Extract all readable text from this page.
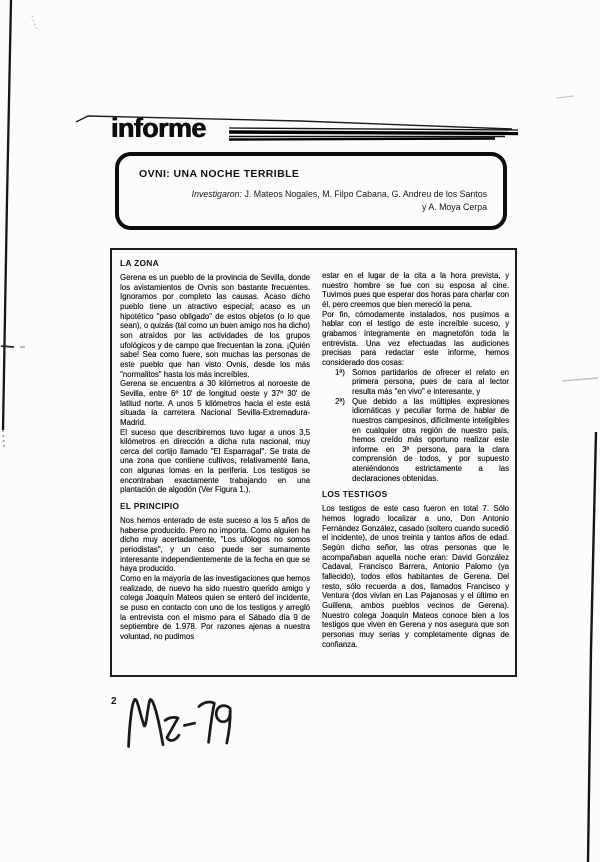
informe
OVNI: UNA NOCHE TERRIBLE
Investigaron: J. Mateos Nogales, M. Filpo Cabana, G. Andreu de los Santos
y A. Moya Cerpa
LA ZONA

Gerena es un pueblo de la provincia de Sevilla, donde los avistamientos de Ovnis son bastante frecuentes. Ignoramos por completo las causas. Acaso dicho pueblo tiene un atractivo especial; acaso es un hipotético "paso obligado" de estos objetos (o lo que sean), o quizás (tal como un buen amigo nos ha dicho) son atraídos por las actividades de los grupos ufológicos y de campo que frecuentan la zona. ¡Quién sabe! Sea como fuere, son muchas las personas de este pueblo que han visto Ovnis, desde los más "normalitos" hasta los más increíbles.

Gerena se encuentra a 30 kilómetros al noroeste de Sevilla, entre 6º 10' de longitud oeste y 37º 30' de latitud norte. A unos 5 kilómetros hacia el este está situada la carretera Nacional Sevilla-Extremadura-Madrid.

El suceso que describiremos tuvo lugar a unos 3,5 kilómetros en dirección a dicha ruta nacional, muy cerca del cortijo llamado "El Esparragal". Se trata de una zona que contiene cultivos, relativamente llana, con algunas lomas en la periferia. Los testigos se encontraban exactamente trabajando en una plantación de algodón (Ver Figura 1.).

EL PRINCIPIO

Nos hemos enterado de este suceso a los 5 años de haberse producido. Pero no importa. Como alguien ha dicho muy acertadamente, "Los ufólogos no somos periodistas", y un caso puede ser sumamente interesante independientemente de la fecha en que se haya producido.

Como en la mayoría de las investigaciones que hemos realizado, de nuevo ha sido nuestro querido amigo y colega Joaquín Mateos quien se enteró del incidente, se puso en contacto con uno de los testigos y arregló la entrevista con el mismo para el Sábado día 9 de septiembre de 1.978. Por razones ajenas a nuestra voluntad, no pudimos

estar en el lugar de la cita a la hora prevista, y nuestro hombre se fue con su esposa al cine. Tuvimos pues que esperar dos horas para charlar con él, pero creemos que bien mereció la pena.

Por fin, cómodamente instalados, nos pusimos a hablar con el testigo de este increíble suceso, y grabamos íntegramente en magnetofón toda la entrevista. Una vez efectuadas las audiciones precisas para redactar este informe, hemos considerado dos cosas:

1ª) Somos partidarios de ofrecer el relato en primera persona, pues de cara al lector resulta más "en vivo" e interesante, y

2ª) Que debido a las múltiples expresiones idiomáticas y peculiar forma de hablar de nuestros campesinos, difícilmente inteligibles en cualquier otra región de nuestro país, hemos creído más oportuno realizar este informe en 3ª persona, para la clara comprensión de todos, y por supuesto ateniéndonos estrictamente a las declaraciones obtenidas.

LOS TESTIGOS

Los testigos de este caso fueron en total 7. Sólo hemos logrado localizar a uno, Don Antonio Fernández González, casado (soltero cuando sucedió el incidente), de unos treinta y tantos años de edad. Según dicho señor, las otras personas que le acompañaban aquella noche eran: David González Cadaval, Francisco Barrera, Antonio Palomo (ya fallecido), todos ellos habitantes de Gerena. Del resto, sólo recuerda a dos, llamados Francisco y Ventura (dos vivían en Las Pajanosas y el último en Guillena, ambos pueblos vecinos de Gerena). Nuestro colega Joaquín Mateos conoce bien a los testigos que viven en Gerena y nos asegura que son personas muy serias y completamente dignas de confianza.

2
